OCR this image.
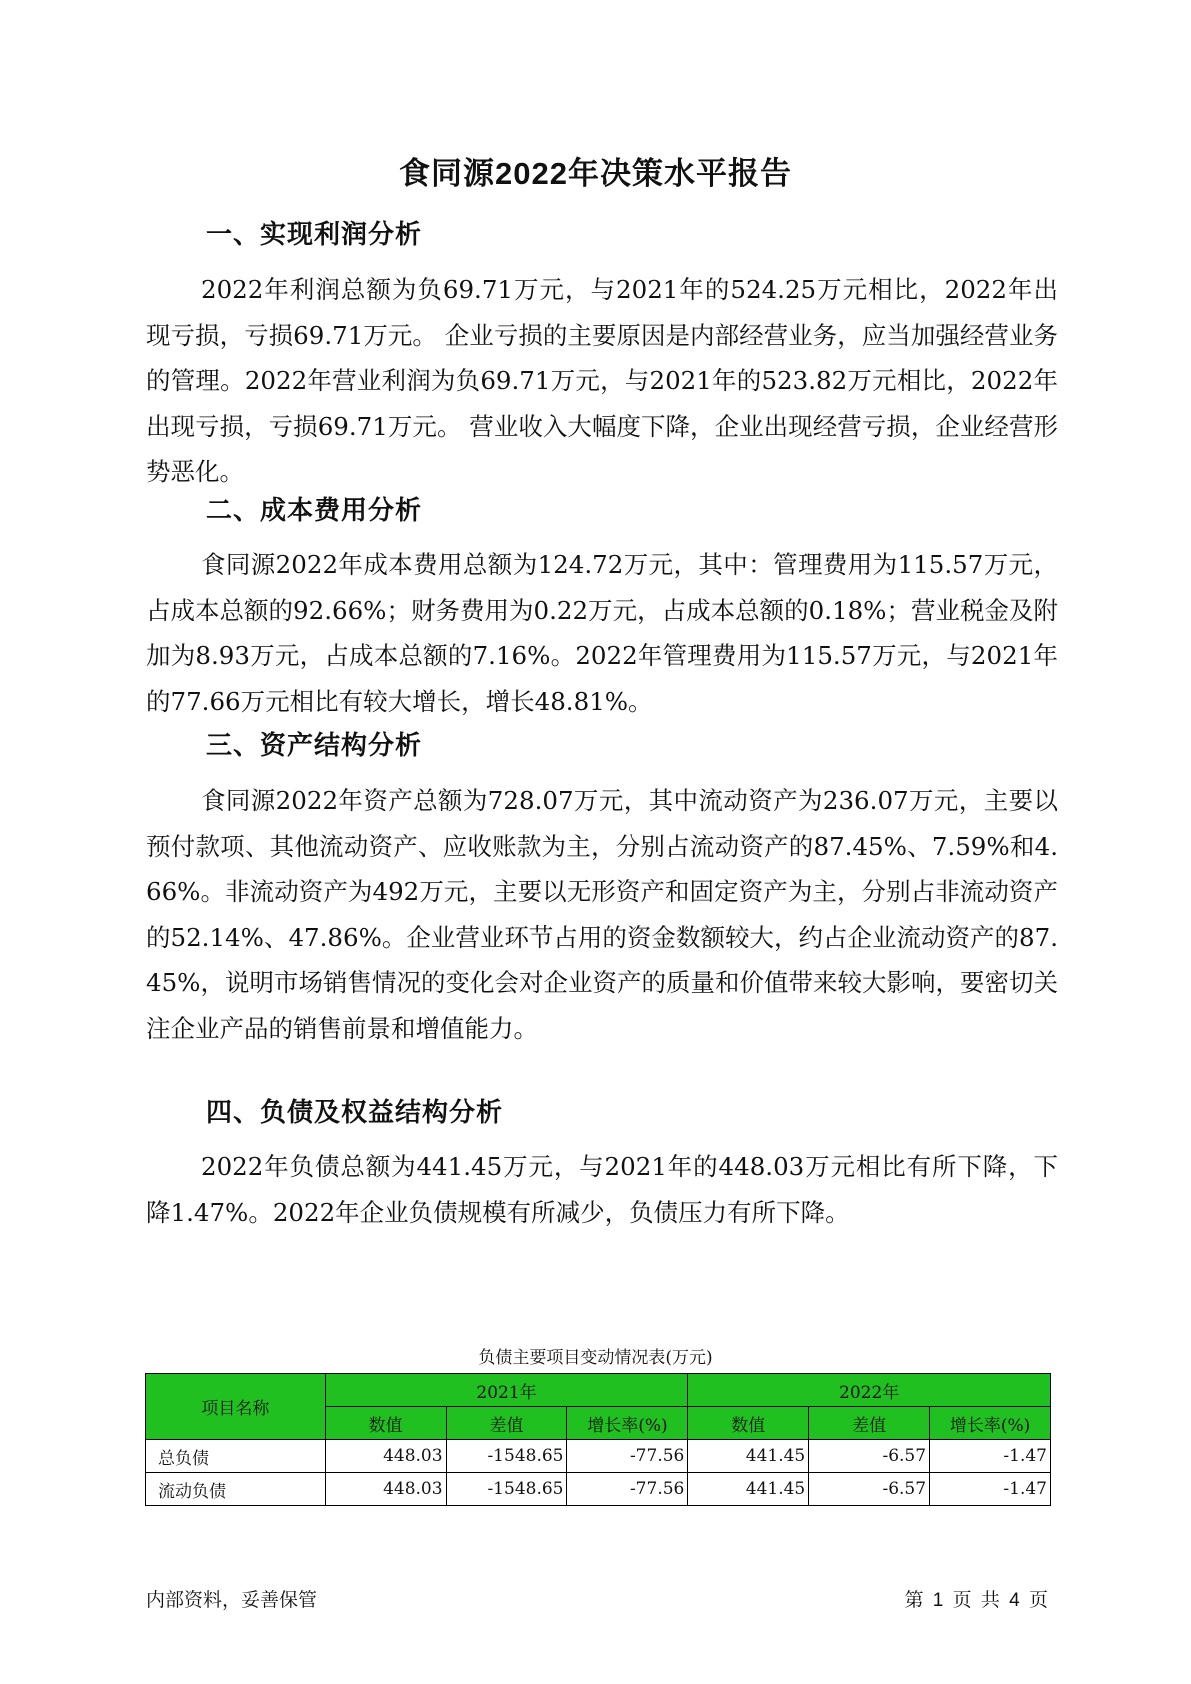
食同源2022年决策水平报告
一、实现利润分析

2022年利润总额为负69.71万元，与2021年的524.25万元相比，2022年出现亏损，亏损69.71万元。 企业亏损的主要原因是内部经营业务，应当加强经营业务的管理。2022年营业利润为负69.71万元，与2021年的523.82万元相比，2022年出现亏损，亏损69.71万元。 营业收入大幅度下降，企业出现经营亏损，企业经营形势恶化。

二、成本费用分析

食同源2022年成本费用总额为124.72万元，其中：管理费用为115.57万元，占成本总额的92.66%；财务费用为0.22万元，占成本总额的0.18%；营业税金及附加为8.93万元，占成本总额的7.16%。2022年管理费用为115.57万元，与2021年的77.66万元相比有较大增长，增长48.81%。

三、资产结构分析

食同源2022年资产总额为728.07万元，其中流动资产为236.07万元，主要以预付款项、其他流动资产、应收账款为主，分别占流动资产的87.45%、7.59%和4.66%。非流动资产为492万元，主要以无形资产和固定资产为主，分别占非流动资产的52.14%、47.86%。企业营业环节占用的资金数额较大，约占企业流动资产的87.45%，说明市场销售情况的变化会对企业资产的质量和价值带来较大影响，要密切关注企业产品的销售前景和增值能力。

四、负债及权益结构分析

2022年负债总额为441.45万元，与2021年的448.03万元相比有所下降，下降1.47%。2022年企业负债规模有所减少，负债压力有所下降。

负债主要项目变动情况表(万元)
项目名称	2021年			2022年		
	数值	差值	增长率(%)	数值	差值	增长率(%)
总负债	448.03	-1548.65	-77.56	441.45	-6.57	-1.47
流动负债	448.03	-1548.65	-77.56	441.45	-6.57	-1.47
内部资料，妥善保管	第 1 页 共 4 页
